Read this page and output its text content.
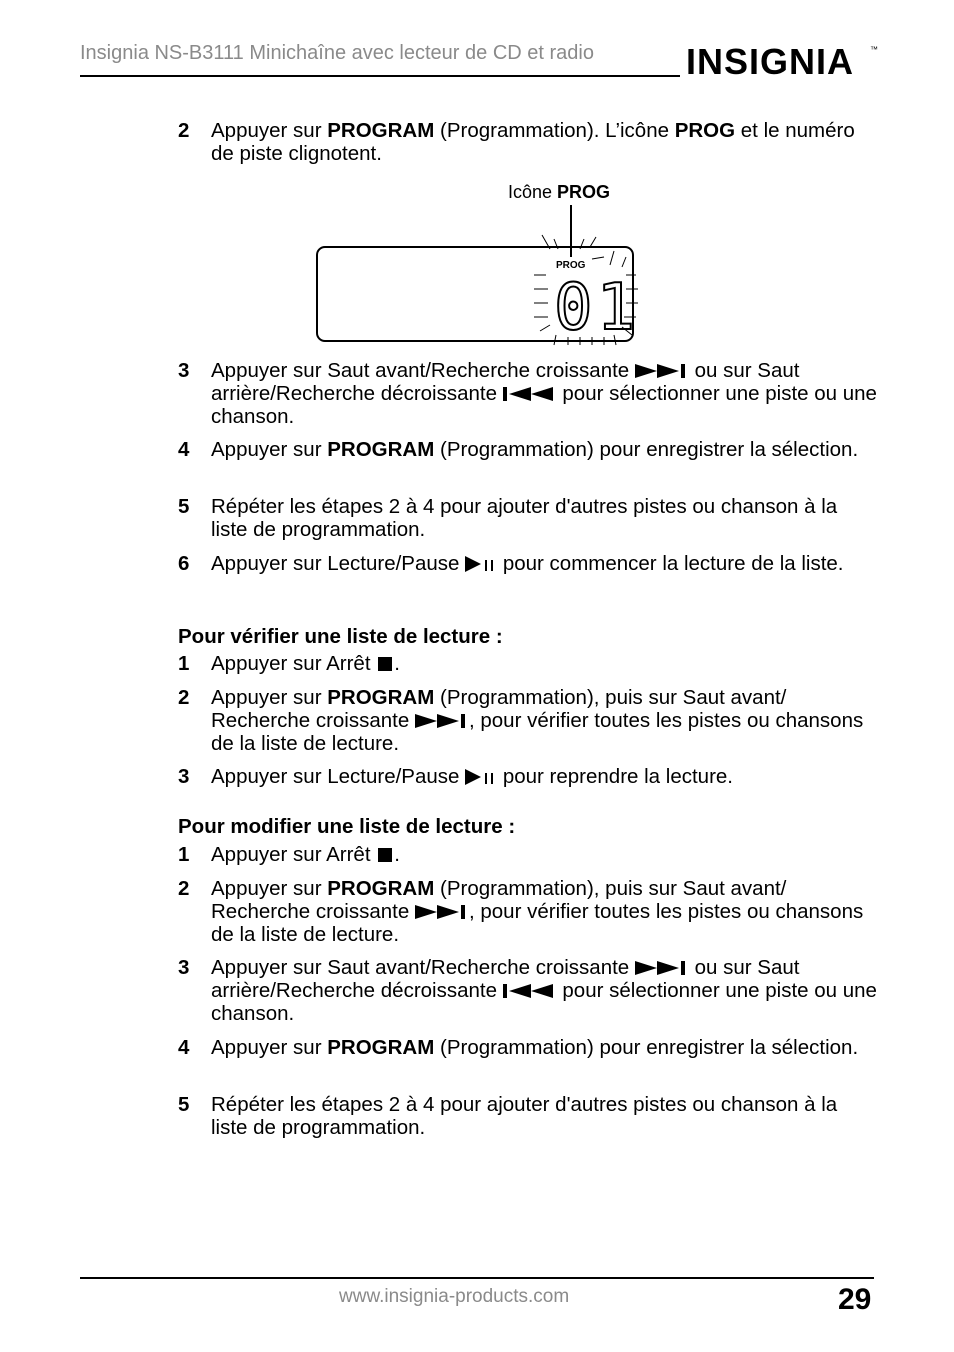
Insignia NS-B3111 Minichaîne avec lecteur de CD et radio	INSIGNIA ™
2 Appuyer sur PROGRAM (Programmation). L’icône PROG et le numéro de piste clignotent.
Icône PROG
PROG
01
3 Appuyer sur Saut avant/Recherche croissante	ou sur Saut arrière/Recherche décroissante	pour sélectionner une piste ou une chanson.
4 Appuyer sur PROGRAM (Programmation) pour enregistrer la sélection.
5 Répéter les étapes 2 à 4 pour ajouter d'autres pistes ou chanson à la liste de programmation.
6 Appuyer sur Lecture/Pause  pour commencer la lecture de la liste.
Pour vérifier une liste de lecture :
1 Appuyer sur Arrêt .
2 Appuyer sur PROGRAM (Programmation), puis sur Saut avant/ Recherche croissante	, pour vérifier toutes les pistes ou chansons de la liste de lecture.
3 Appuyer sur Lecture/Pause  pour reprendre la lecture.
Pour modifier une liste de lecture :
1 Appuyer sur Arrêt .
2 Appuyer sur PROGRAM (Programmation), puis sur Saut avant/ Recherche croissante	, pour vérifier toutes les pistes ou chansons de la liste de lecture.
3 Appuyer sur Saut avant/Recherche croissante	ou sur Saut arrière/Recherche décroissante	pour sélectionner une piste ou une chanson.
4 Appuyer sur PROGRAM (Programmation) pour enregistrer la sélection.
5 Répéter les étapes 2 à 4 pour ajouter d'autres pistes ou chanson à la liste de programmation.
www.insignia-products.com	29
